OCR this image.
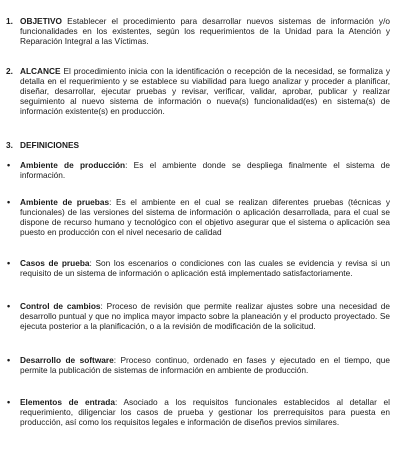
1. OBJETIVO Establecer el procedimiento para desarrollar nuevos sistemas de información y/o funcionalidades en los existentes, según los requerimientos de la Unidad para la Atención y Reparación Integral a las Víctimas.
2. ALCANCE El procedimiento inicia con la identificación o recepción de la necesidad, se formaliza y detalla en el requerimiento y se establece su viabilidad para luego analizar y proceder a planificar, diseñar, desarrollar, ejecutar pruebas y revisar, verificar, validar, aprobar, publicar y realizar seguimiento al nuevo sistema de información o nueva(s) funcionalidad(es) en sistema(s) de información existente(s) en producción.
3. DEFINICIONES
• Ambiente de producción: Es el ambiente donde se despliega finalmente el sistema de información.
• Ambiente de pruebas: Es el ambiente en el cual se realizan diferentes pruebas (técnicas y funcionales) de las versiones del sistema de información o aplicación desarrollada, para el cual se dispone de recurso humano y tecnológico con el objetivo asegurar que el sistema o aplicación sea puesto en producción con el nivel necesario de calidad
• Casos de prueba: Son los escenarios o condiciones con las cuales se evidencia y revisa si un requisito de un sistema de información o aplicación está implementado satisfactoriamente.
• Control de cambios: Proceso de revisión que permite realizar ajustes sobre una necesidad de desarrollo puntual y que no implica mayor impacto sobre la planeación y el producto proyectado. Se ejecuta posterior a la planificación, o a la revisión de modificación de la solicitud.
• Desarrollo de software: Proceso continuo, ordenado en fases y ejecutado en el tiempo, que permite la publicación de sistemas de información en ambiente de producción.
• Elementos de entrada: Asociado a los requisitos funcionales establecidos al detallar el requerimiento, diligenciar los casos de prueba y gestionar los prerrequisitos para puesta en producción, así como los requisitos legales e información de diseños previos similares.
